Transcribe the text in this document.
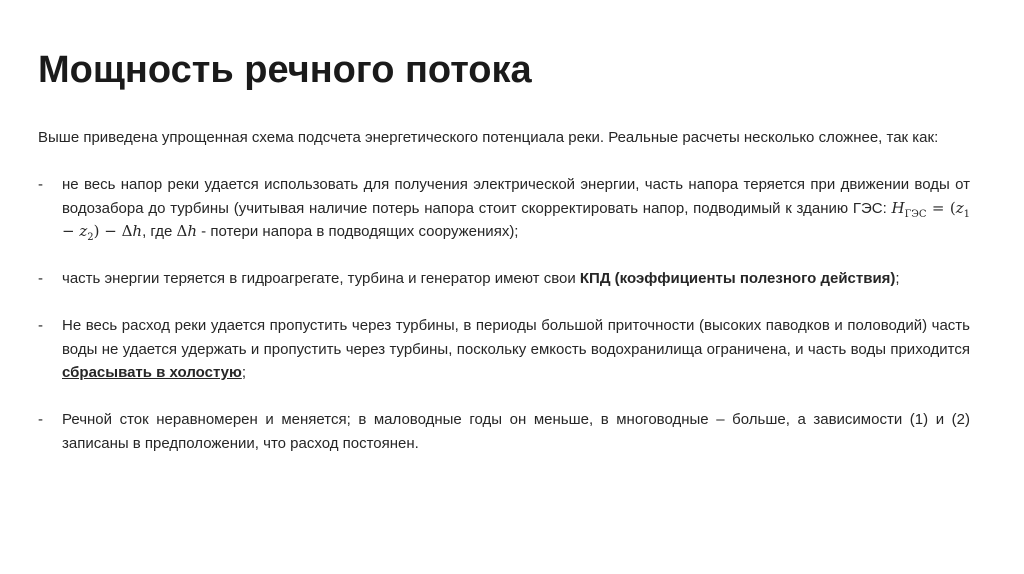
Мощность речного потока

Выше приведена упрощенная схема подсчета энергетического потенциала реки. Реальные расчеты несколько сложнее, так как:

-	не весь напор реки удается использовать для получения электрической энергии, часть напора теряется при движении воды от водозабора до турбины (учитывая наличие потерь напора стоит скорректировать напор, подводимый к зданию ГЭС: $H_{ГЭС} = (z_1 - z_2) - \Delta h$, где Δh - потери напора в подводящих сооружениях);
-	часть энергии теряется в гидроагрегате, турбина и генератор имеют свои КПД (коэффициенты полезного действия);
-	Не весь расход реки удается пропустить через турбины, в периоды большой приточности (высоких паводков и половодий) часть воды не удается удержать и пропустить через турбины, поскольку емкость водохранилища ограничена, и часть воды приходится сбрасывать в холостую;
-	Речной сток неравномерен и меняется; в маловодные годы он меньше, в многоводные – больше, а зависимости (1) и (2) записаны в предположении, что расход постоянен.
